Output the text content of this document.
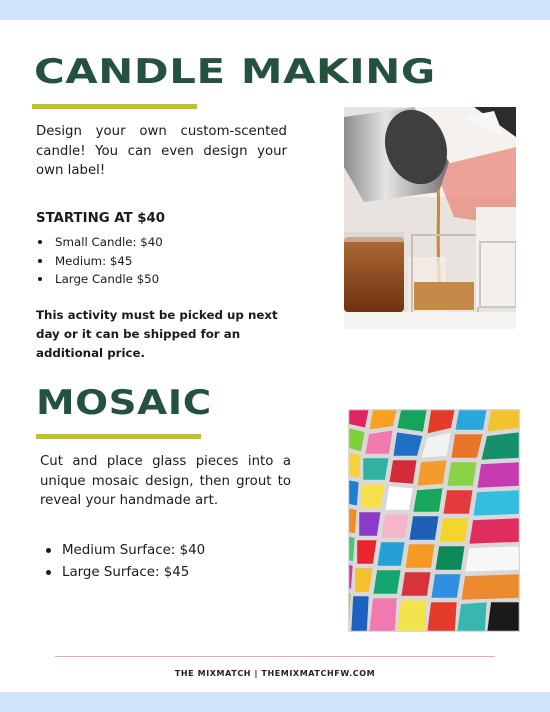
CANDLE MAKING

Design your own custom-scented candle! You can even design your own label!

STARTING AT $40

Small Candle: $40
Medium: $45
Large Candle $50

This activity must be picked up next day or it can be shipped for an additional price.

MOSAIC

Cut and place glass pieces into a unique mosaic design, then grout to reveal your handmade art.

Medium Surface: $40
Large Surface: $45

THE MIXMATCH | THEMIXMATCHFW.COM
